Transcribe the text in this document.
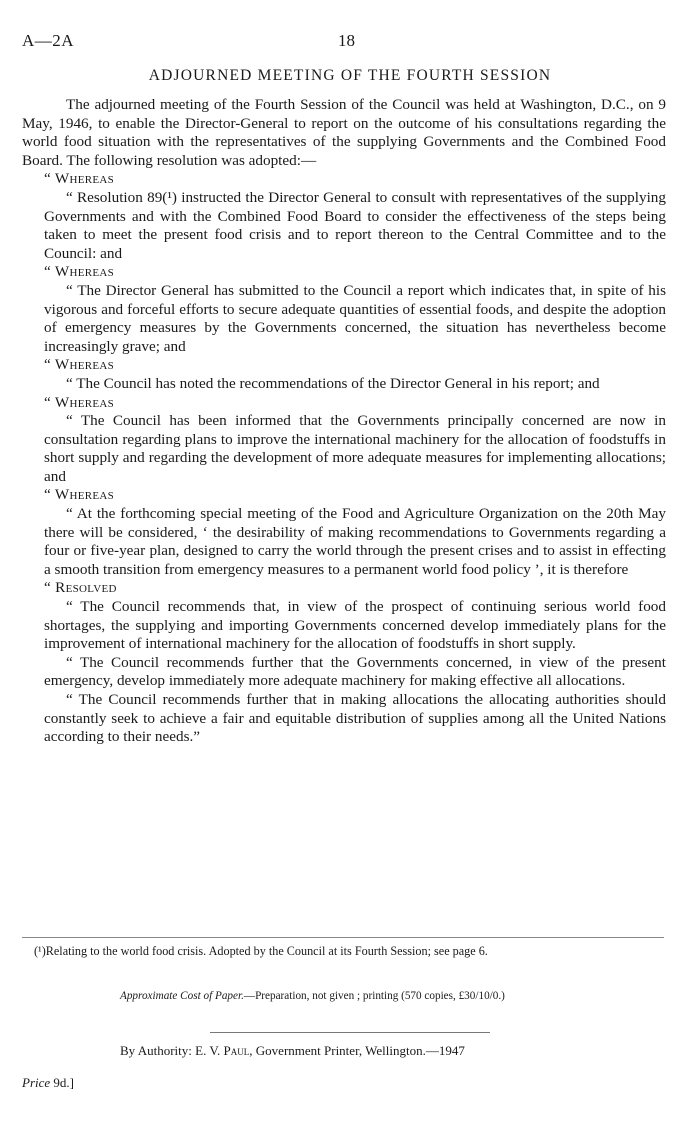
A—2A	18
ADJOURNED MEETING OF THE FOURTH SESSION

The adjourned meeting of the Fourth Session of the Council was held at Washington, D.C., on 9 May, 1946, to enable the Director-General to report on the outcome of his consultations regarding the world food situation with the representatives of the supplying Governments and the Combined Food Board. The following resolution was adopted:—

“ Whereas

“ Resolution 89(¹) instructed the Director General to consult with representatives of the supplying Governments and with the Combined Food Board to consider the effectiveness of the steps being taken to meet the present food crisis and to report thereon to the Central Committee and to the Council: and

“ Whereas

“ The Director General has submitted to the Council a report which indicates that, in spite of his vigorous and forceful efforts to secure adequate quantities of essential foods, and despite the adoption of emergency measures by the Governments concerned, the situation has nevertheless become increasingly grave; and

“ Whereas

“ The Council has noted the recommendations of the Director General in his report; and

“ Whereas

“ The Council has been informed that the Governments principally concerned are now in consultation regarding plans to improve the international machinery for the allocation of foodstuffs in short supply and regarding the development of more adequate measures for implementing allocations; and

“ Whereas

“ At the forthcoming special meeting of the Food and Agriculture Organization on the 20th May there will be considered, ‘ the desirability of making recommendations to Governments regarding a four or five-year plan, designed to carry the world through the present crises and to assist in effecting a smooth transition from emergency measures to a permanent world food policy ’, it is therefore

“ Resolved

“ The Council recommends that, in view of the prospect of continuing serious world food shortages, the supplying and importing Governments concerned develop immediately plans for the improvement of international machinery for the allocation of foodstuffs in short supply.

“ The Council recommends further that the Governments concerned, in view of the present emergency, develop immediately more adequate machinery for making effective all allocations.

“ The Council recommends further that in making allocations the allocating authorities should constantly seek to achieve a fair and equitable distribution of supplies among all the United Nations according to their needs.”

(¹)Relating to the world food crisis. Adopted by the Council at its Fourth Session; see page 6.
Approximate Cost of Paper.—Preparation, not given ; printing (570 copies, £30/10/0.)
By Authority: E. V. Paul, Government Printer, Wellington.—1947
Price 9d.]
